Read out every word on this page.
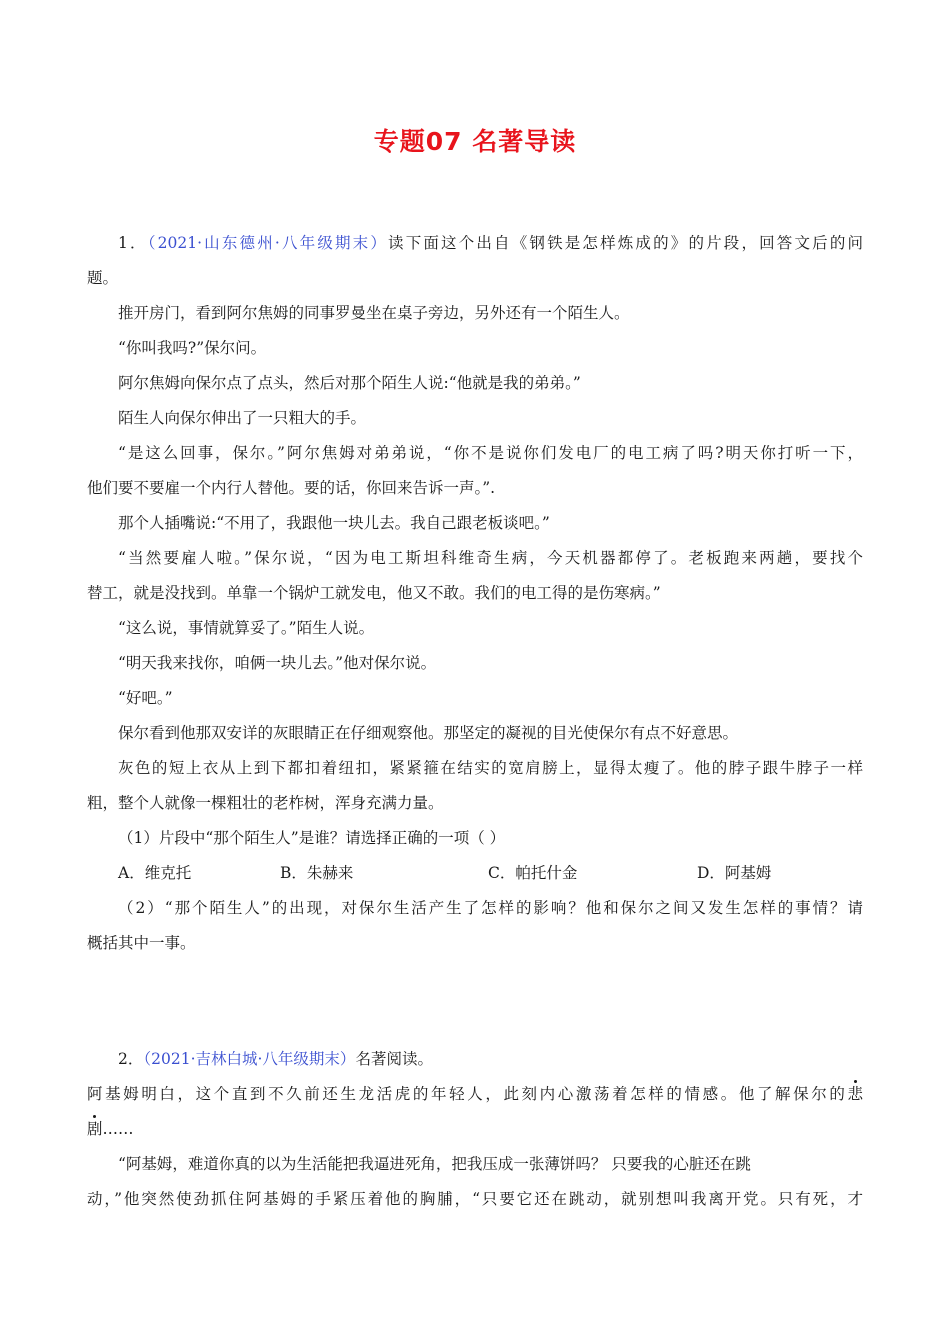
专题07 名著导读

1．（2021·山东德州·八年级期末）读下面这个出自《钢铁是怎样炼成的》的片段，回答文后的问

题。

推开房门，看到阿尔焦姆的同事罗曼坐在桌子旁边，另外还有一个陌生人。

“你叫我吗?”保尔问。

阿尔焦姆向保尔点了点头，然后对那个陌生人说:“他就是我的弟弟。”

陌生人向保尔伸出了一只粗大的手。

“是这么回事，保尔。”阿尔焦姆对弟弟说，“你不是说你们发电厂的电工病了吗?明天你打听一下，

他们要不要雇一个内行人替他。要的话，你回来告诉一声。”.

那个人插嘴说:“不用了，我跟他一块儿去。我自己跟老板谈吧。”

“当然要雇人啦。”保尔说，“因为电工斯坦科维奇生病，今天机器都停了。老板跑来两趟，要找个

替工，就是没找到。单靠一个锅炉工就发电，他又不敢。我们的电工得的是伤寒病。”

“这么说，事情就算妥了。”陌生人说。

“明天我来找你，咱俩一块儿去。”他对保尔说。

“好吧。”

保尔看到他那双安详的灰眼睛正在仔细观察他。那坚定的凝视的目光使保尔有点不好意思。

灰色的短上衣从上到下都扣着纽扣，紧紧箍在结实的宽肩膀上，显得太瘦了。他的脖子跟牛脖子一样

粗，整个人就像一棵粗壮的老柞树，浑身充满力量。

（1）片段中“那个陌生人”是谁？请选择正确的一项（ ）

A．维克托	B．朱赫来	C．帕托什金	D．阿基姆

（2）“那个陌生人”的出现，对保尔生活产生了怎样的影响？他和保尔之间又发生怎样的事情？请

概括其中一事。

2．（2021·吉林白城·八年级期末）名著阅读。

阿基姆明白，这个直到不久前还生龙活虎的年轻人，此刻内心激荡着怎样的情感。他了解保尔的悲

剧……

“阿基姆，难道你真的以为生活能把我逼进死角，把我压成一张薄饼吗？ 只要我的心脏还在跳

动，”他突然使劲抓住阿基姆的手紧压着他的胸脯，“只要它还在跳动，就别想叫我离开党。只有死，才
